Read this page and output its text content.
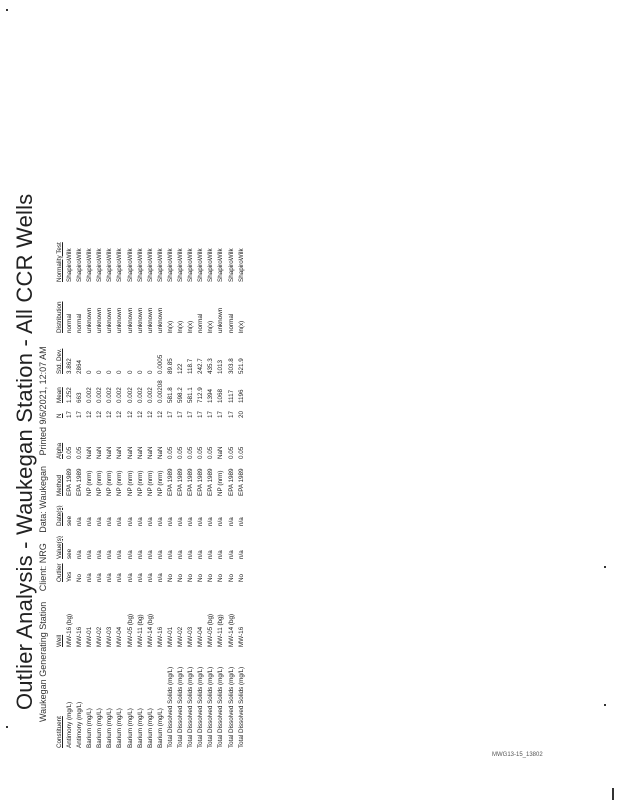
Outlier Analysis - Waukegan Station - All CCR Wells Waukegan Generating Station Client: NRG Data: Waukegan Printed 9/6/2021, 12:07 AM
Constituent	Well	Outlier	Value(s)	Date(s)	Method	Alpha	N	Mean	Std. Dev.	Distribution	Normality Test
Antimony (mg/L)	MW-16 (bg)	Yes	see	see	EPA 1989	0.05	17	1.252	3.862	normal	ShapiroWilk
Antimony (mg/L)	MW-16	No	n/a	n/a	EPA 1989	0.05	17	663	2864	normal	ShapiroWilk
Barium (mg/L)	MW-01	n/a	n/a	n/a	NP (nrm)	NaN	12	0.002	0	unknown	ShapiroWilk
Barium (mg/L)	MW-02	n/a	n/a	n/a	NP (nrm)	NaN	12	0.002	0	unknown	ShapiroWilk
Barium (mg/L)	MW-03	n/a	n/a	n/a	NP (nrm)	NaN	12	0.002	0	unknown	ShapiroWilk
Barium (mg/L)	MW-04	n/a	n/a	n/a	NP (nrm)	NaN	12	0.002	0	unknown	ShapiroWilk
Barium (mg/L)	MW-05 (bg)	n/a	n/a	n/a	NP (nrm)	NaN	12	0.002	0	unknown	ShapiroWilk
Barium (mg/L)	MW-11 (bg)	n/a	n/a	n/a	NP (nrm)	NaN	12	0.002	0	unknown	ShapiroWilk
Barium (mg/L)	MW-14 (bg)	n/a	n/a	n/a	NP (nrm)	NaN	12	0.002	0	unknown	ShapiroWilk
Barium (mg/L)	MW-16	n/a	n/a	n/a	NP (nrm)	NaN	12	0.00208	0.0005	unknown	ShapiroWilk
Total Dissolved Solids (mg/L)	MW-01	No	n/a	n/a	EPA 1989	0.05	17	581.8	89.85	ln(x)	ShapiroWilk
Total Dissolved Solids (mg/L)	MW-02	No	n/a	n/a	EPA 1989	0.05	17	598.2	122	ln(x)	ShapiroWilk
Total Dissolved Solids (mg/L)	MW-03	No	n/a	n/a	EPA 1989	0.05	17	581.1	118.7	ln(x)	ShapiroWilk
Total Dissolved Solids (mg/L)	MW-04	No	n/a	n/a	EPA 1989	0.05	17	712.9	242.7	normal	ShapiroWilk
Total Dissolved Solids (mg/L)	MW-05 (bg)	No	n/a	n/a	EPA 1989	0.05	17	1394	435.3	ln(x)	ShapiroWilk
Total Dissolved Solids (mg/L)	MW-11 (bg)	No	n/a	n/a	NP (nrm)	NaN	17	1068	1013	unknown	ShapiroWilk
Total Dissolved Solids (mg/L)	MW-14 (bg)	No	n/a	n/a	EPA 1989	0.05	17	1117	303.8	normal	ShapiroWilk
Total Dissolved Solids (mg/L)	MW-16	No	n/a	n/a	EPA 1989	0.05	20	1196	521.9	ln(x)	ShapiroWilk
MWG13-15_13802
